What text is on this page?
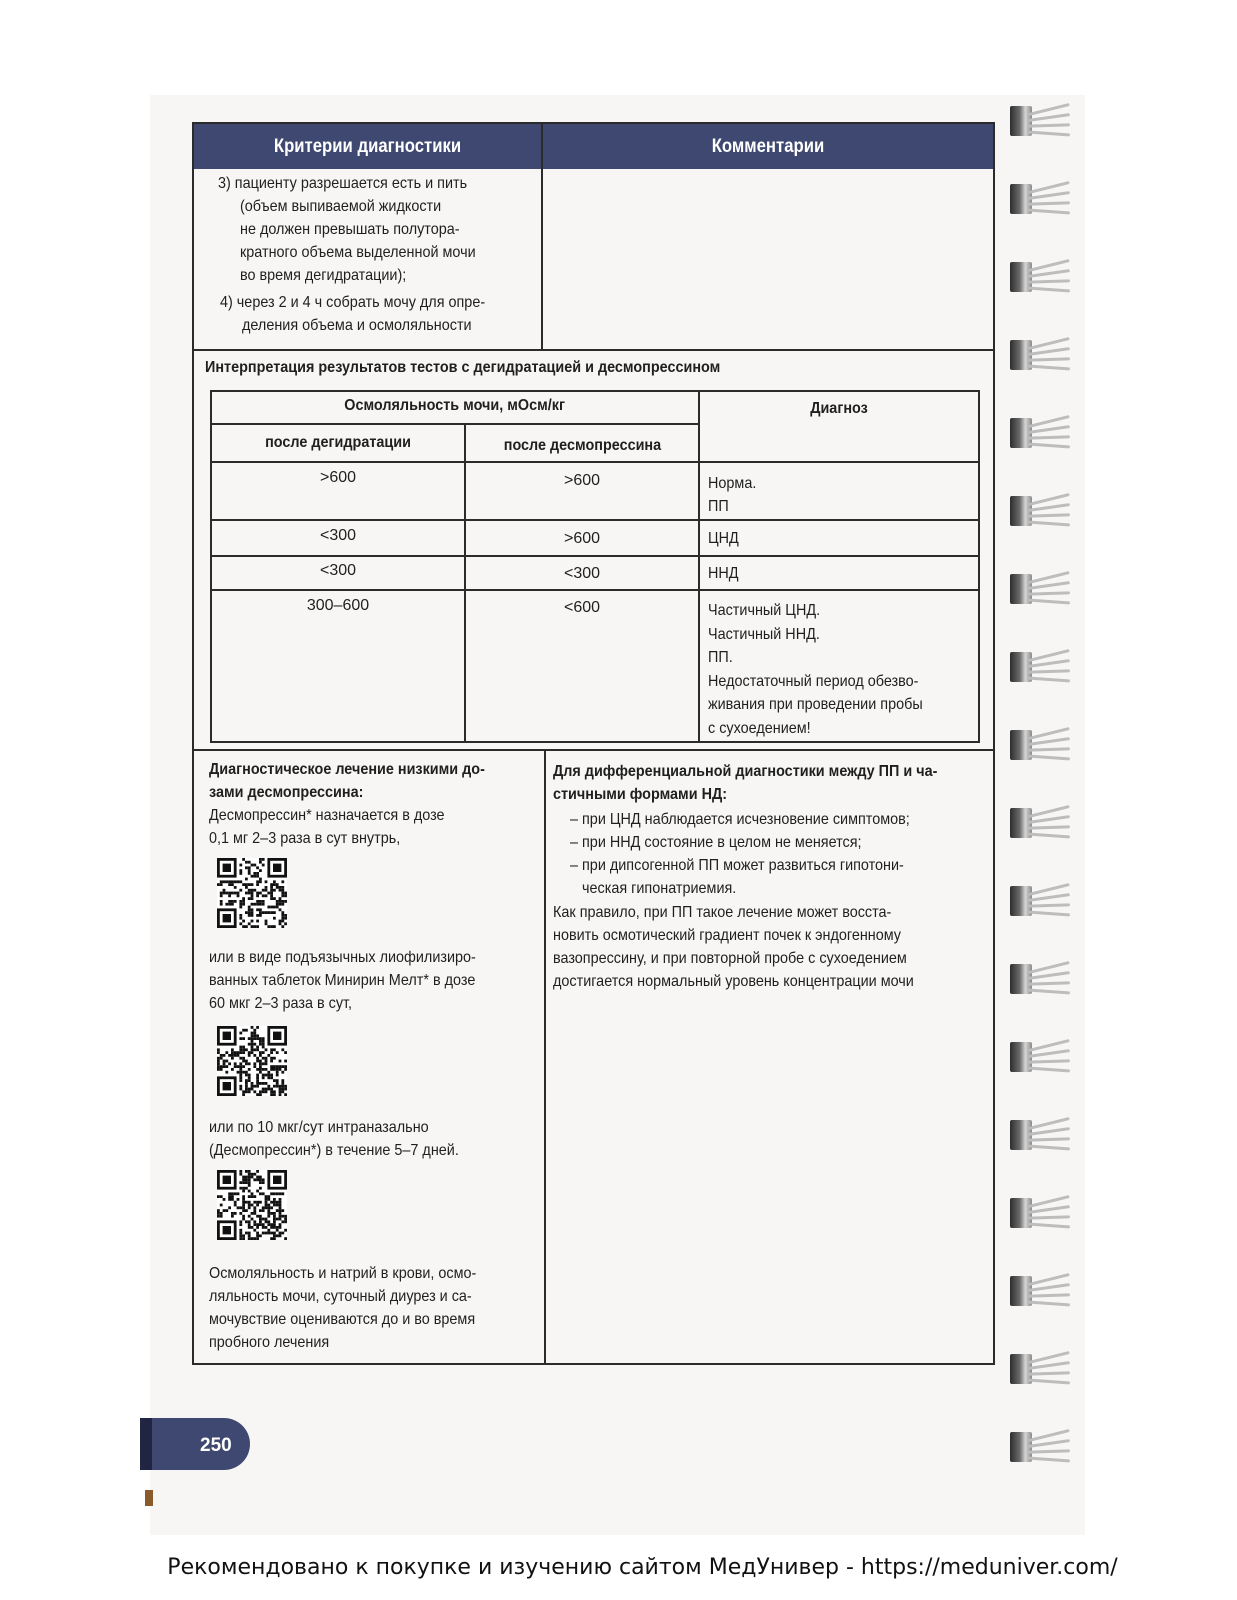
Критерии диагностики	Комментарии
3) пациенту разрешается есть и пить
(объем выпиваемой жидкости
не должен превышать полутора-
кратного объема выделенной мочи
во время дегидратации);
4) через 2 и 4 ч собрать мочу для опре-
деления объема и осмоляльности
Интерпретация результатов тестов с дегидратацией и десмопрессином
Осмоляльность мочи, мОсм/кг	Диагноз
после дегидратации	после десмопрессина
>600	>600	Норма.
ПП
<300	>600	ЦНД
<300	<300	ННД
300–600	<600	Частичный ЦНД.
Частичный ННД.
ПП.
Недостаточный период обезво-
живания при проведении пробы
с сухоедением!
Диагностическое лечение низкими до-
зами десмопрессина:
Десмопрессин* назначается в дозе
0,1 мг 2–3 раза в сут внутрь,
или в виде подъязычных лиофилизиро-
ванных таблеток Минирин Мелт* в дозе
60 мкг 2–3 раза в сут,
или по 10 мкг/сут интраназально
(Десмопрессин*) в течение 5–7 дней.
Осмоляльность и натрий в крови, осмо-
ляльность мочи, суточный диурез и са-
мочувствие оцениваются до и во время
пробного лечения
Для дифференциальной диагностики между ПП и ча-
стичными формами НД:
– при ЦНД наблюдается исчезновение симптомов;
– при ННД состояние в целом не меняется;
– при дипсогенной ПП может развиться гипотони-
ческая гипонатриемия.
Как правило, при ПП такое лечение может восста-
новить осмотический градиент почек к эндогенному
вазопрессину, и при повторной пробе с сухоедением
достигается нормальный уровень концентрации мочи
250
Рекомендовано к покупке и изучению сайтом МедУнивер - https://meduniver.com/
